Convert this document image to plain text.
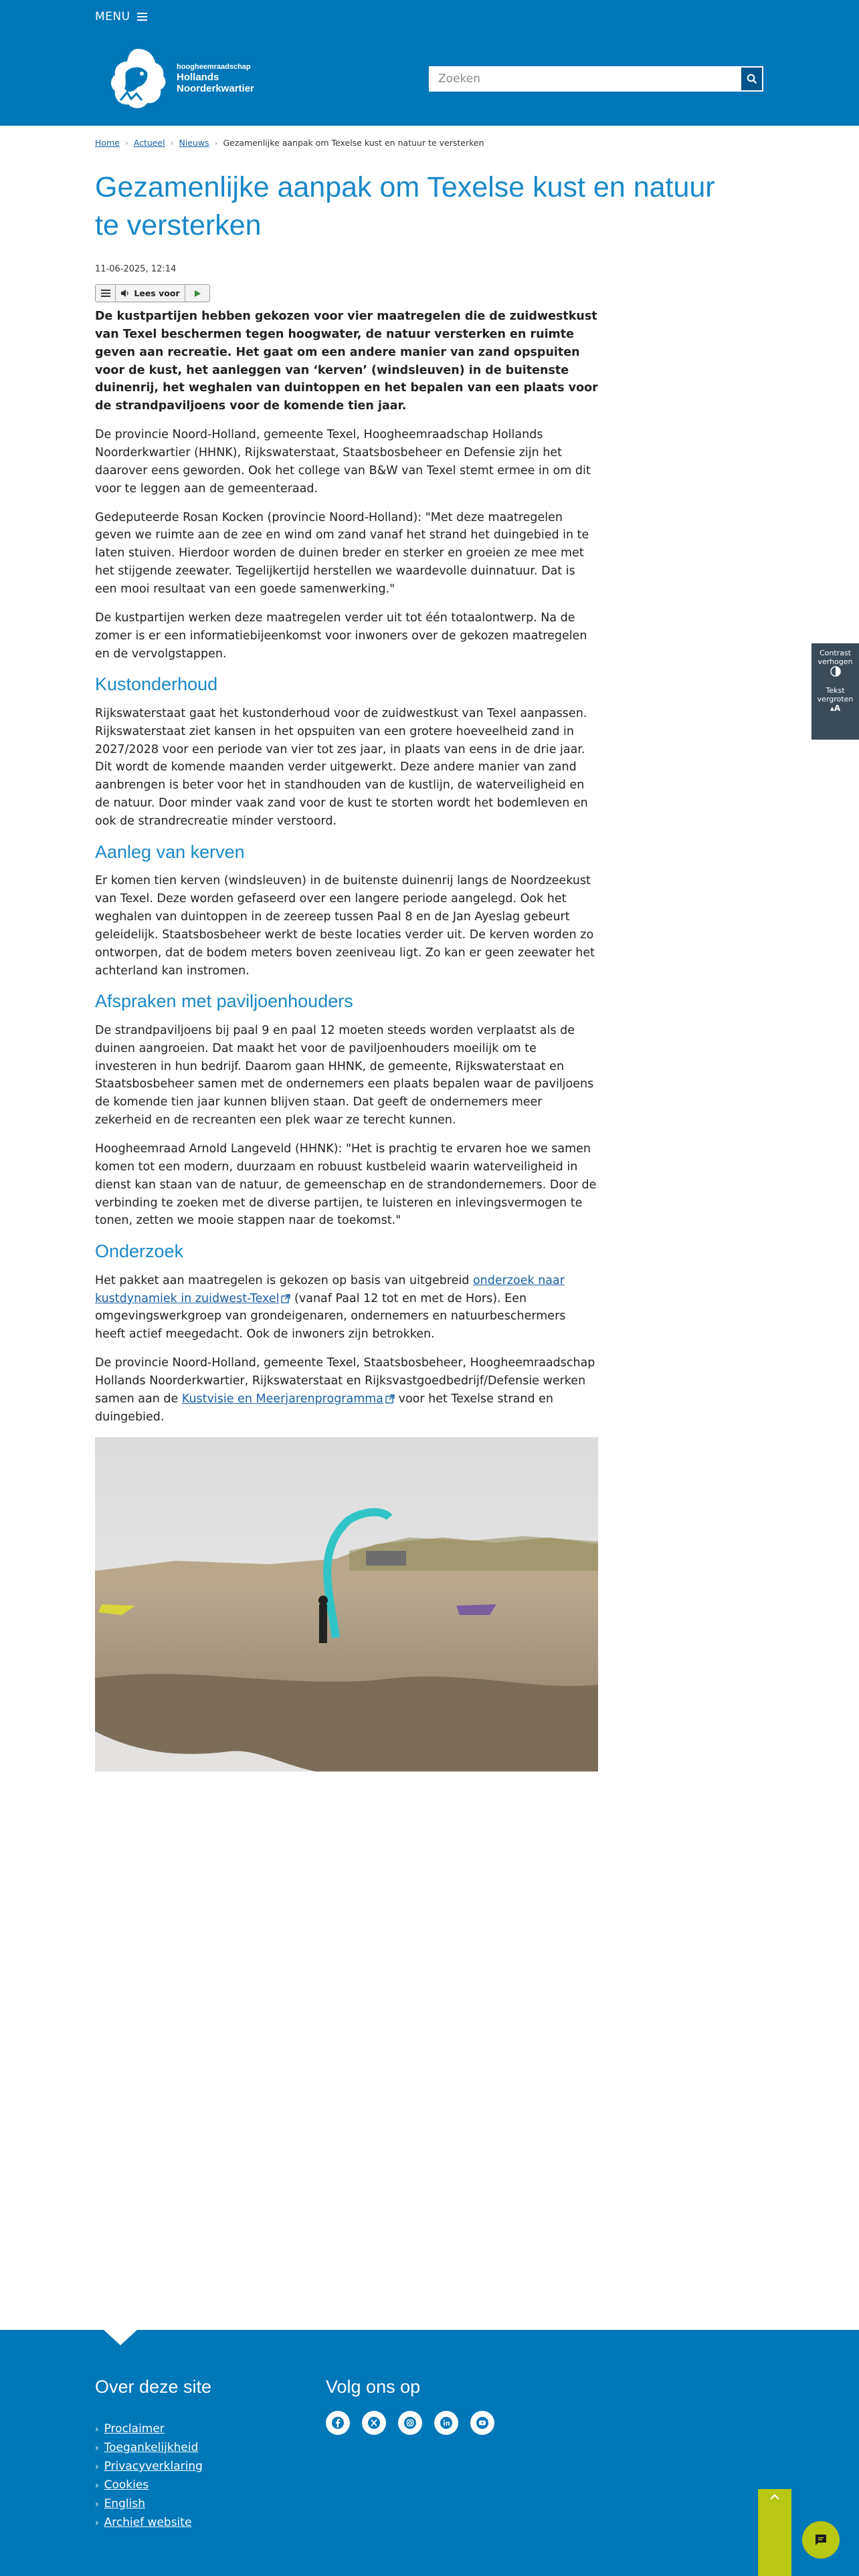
MENU
hoogheemraadschap
Hollands
Noorderkwartier
Zoeken
Home › Actueel › Nieuws › Gezamenlijke aanpak om Texelse kust en natuur te versterken
Gezamenlijke aanpak om Texelse kust en natuur te versterken
11-06-2025, 12:14
Lees voor

De kustpartijen hebben gekozen voor vier maatregelen die de zuidwestkust van Texel beschermen tegen hoogwater, de natuur versterken en ruimte geven aan recreatie. Het gaat om een andere manier van zand opspuiten voor de kust, het aanleggen van ‘kerven’ (windsleuven) in de buitenste duinenrij, het weghalen van duintoppen en het bepalen van een plaats voor de strandpaviljoens voor de komende tien jaar.

De provincie Noord-Holland, gemeente Texel, Hoogheemraadschap Hollands Noorderkwartier (HHNK), Rijkswaterstaat, Staatsbosbeheer en Defensie zijn het daarover eens geworden. Ook het college van B&W van Texel stemt ermee in om dit voor te leggen aan de gemeenteraad.

Gedeputeerde Rosan Kocken (provincie Noord-Holland): "Met deze maatregelen geven we ruimte aan de zee en wind om zand vanaf het strand het duingebied in te laten stuiven. Hierdoor worden de duinen breder en sterker en groeien ze mee met het stijgende zeewater. Tegelijkertijd herstellen we waardevolle duinnatuur. Dat is een mooi resultaat van een goede samenwerking."

De kustpartijen werken deze maatregelen verder uit tot één totaalontwerp. Na de zomer is er een informatiebijeenkomst voor inwoners over de gekozen maatregelen en de vervolgstappen.

Kustonderhoud

Rijkswaterstaat gaat het kustonderhoud voor de zuidwestkust van Texel aanpassen. Rijkswaterstaat ziet kansen in het opspuiten van een grotere hoeveelheid zand in 2027/2028 voor een periode van vier tot zes jaar, in plaats van eens in de drie jaar. Dit wordt de komende maanden verder uitgewerkt. Deze andere manier van zand aanbrengen is beter voor het in standhouden van de kustlijn, de waterveiligheid en de natuur. Door minder vaak zand voor de kust te storten wordt het bodemleven en ook de strandrecreatie minder verstoord.

Aanleg van kerven

Er komen tien kerven (windsleuven) in de buitenste duinenrij langs de Noordzeekust van Texel. Deze worden gefaseerd over een langere periode aangelegd. Ook het weghalen van duintoppen in de zeereep tussen Paal 8 en de Jan Ayeslag gebeurt geleidelijk. Staatsbosbeheer werkt de beste locaties verder uit. De kerven worden zo ontworpen, dat de bodem meters boven zeeniveau ligt. Zo kan er geen zeewater het achterland kan instromen.

Afspraken met paviljoenhouders

De strandpaviljoens bij paal 9 en paal 12 moeten steeds worden verplaatst als de duinen aangroeien. Dat maakt het voor de paviljoenhouders moeilijk om te investeren in hun bedrijf. Daarom gaan HHNK, de gemeente, Rijkswaterstaat en Staatsbosbeheer samen met de ondernemers een plaats bepalen waar de paviljoens de komende tien jaar kunnen blijven staan. Dat geeft de ondernemers meer zekerheid en de recreanten een plek waar ze terecht kunnen.

Hoogheemraad Arnold Langeveld (HHNK): "Het is prachtig te ervaren hoe we samen komen tot een modern, duurzaam en robuust kustbeleid waarin waterveiligheid in dienst kan staan van de natuur, de gemeenschap en de strandondernemers. Door de verbinding te zoeken met de diverse partijen, te luisteren en inlevingsvermogen te tonen, zetten we mooie stappen naar de toekomst."

Onderzoek

Het pakket aan maatregelen is gekozen op basis van uitgebreid onderzoek naar kustdynamiek in zuidwest-Texel (vanaf Paal 12 tot en met de Hors). Een omgevingswerkgroep van grondeigenaren, ondernemers en natuurbeschermers heeft actief meegedacht. Ook de inwoners zijn betrokken.

De provincie Noord-Holland, gemeente Texel, Staatsbosbeheer, Hoogheemraadschap Hollands Noorderkwartier, Rijkswaterstaat en Rijksvastgoedbedrijf/Defensie werken samen aan de Kustvisie en Meerjarenprogramma voor het Texelse strand en duingebied.

Contrast verhogen

Tekst vergroten
▴A
Over deze site
› Proclaimer
› Toegankelijkheid
› Privacyverklaring
› Cookies
› English
› Archief website
Volg ons op
